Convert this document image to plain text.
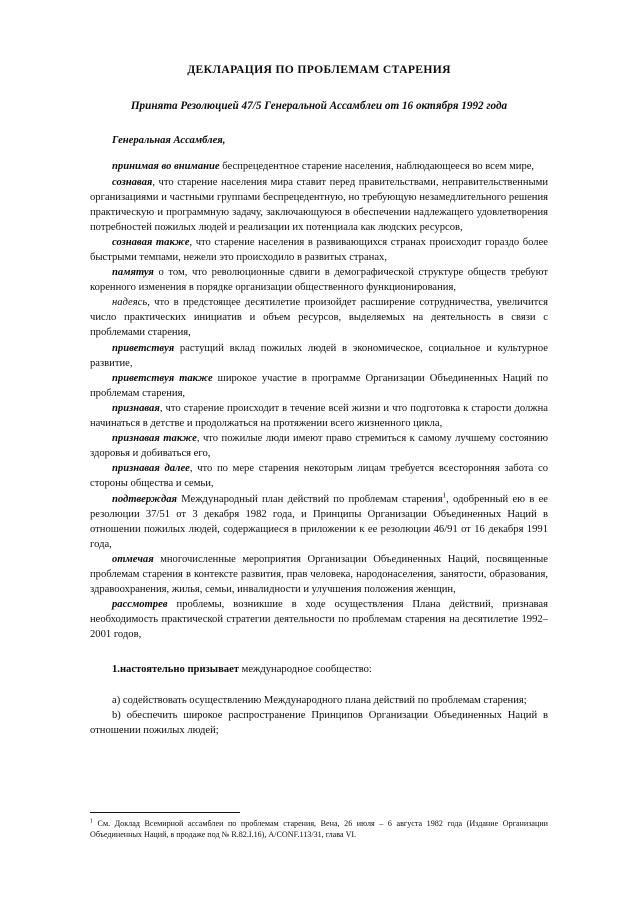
ДЕКЛАРАЦИЯ ПО ПРОБЛЕМАМ СТАРЕНИЯ

Принята Резолюцией 47/5 Генеральной Ассамблеи от 16 октября 1992 года

Генеральная Ассамблея,

принимая во внимание беспрецедентное старение населения, наблюдающееся во всем мире,

сознавая, что старение населения мира ставит перед правительствами, неправительственными организациями и частными группами беспрецедентную, но требующую незамедлительного решения практическую и программную задачу, заключающуюся в обеспечении надлежащего удовлетворения потребностей пожилых людей и реализации их потенциала как людских ресурсов,

сознавая также, что старение населения в развивающихся странах происходит гораздо более быстрыми темпами, нежели это происходило в развитых странах,

памятуя о том, что революционные сдвиги в демографической структуре обществ требуют коренного изменения в порядке организации общественного функционирования,

надеясь, что в предстоящее десятилетие произойдет расширение сотрудничества, увеличится число практических инициатив и объем ресурсов, выделяемых на деятельность в связи с проблемами старения,

приветствуя растущий вклад пожилых людей в экономическое, социальное и культурное развитие,

приветствуя также широкое участие в программе Организации Объединенных Наций по проблемам старения,

признавая, что старение происходит в течение всей жизни и что подготовка к старости должна начинаться в детстве и продолжаться на протяжении всего жизненного цикла,

признавая также, что пожилые люди имеют право стремиться к самому лучшему состоянию здоровья и добиваться его,

признавая далее, что по мере старения некоторым лицам требуется всесторонняя забота со стороны общества и семьи,

подтверждая Международный план действий по проблемам старения$^1$, одобренный ею в ее резолюции 37/51 от 3 декабря 1982 года, и Принципы Организации Объединенных Наций в отношении пожилых людей, содержащиеся в приложении к ее резолюции 46/91 от 16 декабря 1991 года,

отмечая многочисленные мероприятия Организации Объединенных Наций, посвященные проблемам старения в контексте развития, прав человека, народонаселения, занятости, образования, здравоохранения, жилья, семьи, инвалидности и улучшения положения женщин,

рассмотрев проблемы, возникшие в ходе осуществления Плана действий, признавая необходимость практической стратегии деятельности по проблемам старения на десятилетие 1992–2001 годов,

1.настоятельно призывает международное сообщество:

a) содействовать осуществлению Международного плана действий по проблемам старения;

b) обеспечить широкое распространение Принципов Организации Объединенных Наций в отношении пожилых людей;

$^1$ См. Доклад Всемирной ассамблеи по проблемам старения, Вена, 26 июля – 6 августа 1982 года (Издание Организации Объединенных Наций, в продаже под № R.82.I.16), A/CONF.113/31, глава VI.
